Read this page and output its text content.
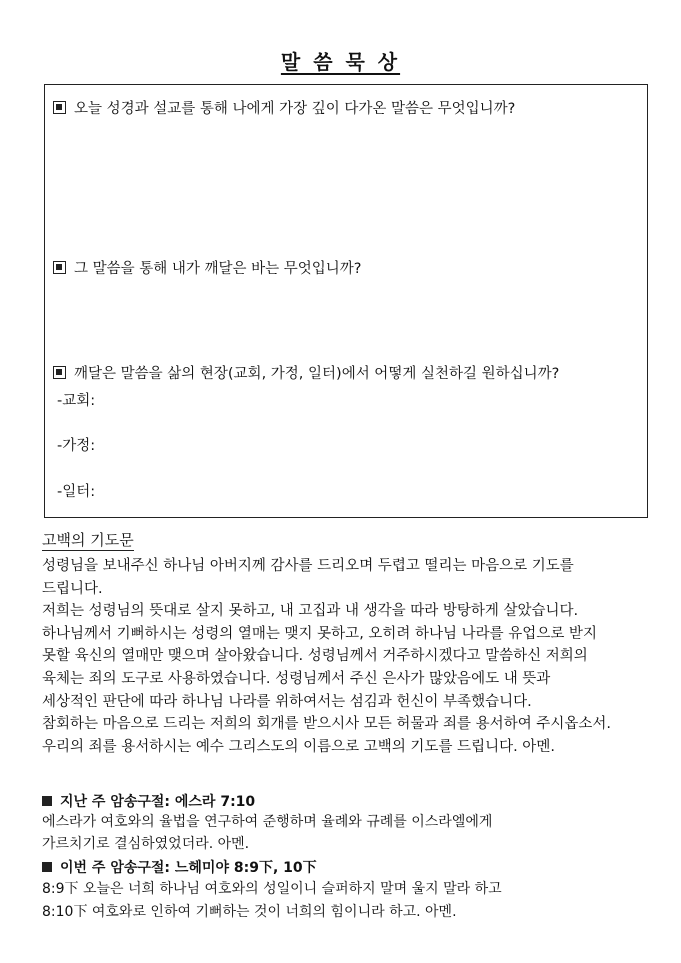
말 씀 묵 상
오늘 성경과 설교를 통해 나에게 가장 깊이 다가온 말씀은 무엇입니까?
그 말씀을 통해 내가 깨달은 바는 무엇입니까?
깨달은 말씀을 삶의 현장(교회, 가정, 일터)에서 어떻게 실천하길 원하십니까?
-교회:
-가정:
-일터:
고백의 기도문

성령님을 보내주신 하나님 아버지께 감사를 드리오며 두렵고 떨리는 마음으로 기도를

드립니다.

저희는 성령님의 뜻대로 살지 못하고, 내 고집과 내 생각을 따라 방탕하게 살았습니다.

하나님께서 기뻐하시는 성령의 열매는 맺지 못하고, 오히려 하나님 나라를 유업으로 받지

못할 육신의 열매만 맺으며 살아왔습니다. 성령님께서 거주하시겠다고 말씀하신 저희의

육체는 죄의 도구로 사용하였습니다. 성령님께서 주신 은사가 많았음에도 내 뜻과

세상적인 판단에 따라 하나님 나라를 위하여서는 섬김과 헌신이 부족했습니다.

참회하는 마음으로 드리는 저희의 회개를 받으시사 모든 허물과 죄를 용서하여 주시옵소서.

우리의 죄를 용서하시는 예수 그리스도의 이름으로 고백의 기도를 드립니다. 아멘.

지난 주 암송구절: 에스라 7:10
에스라가 여호와의 율법을 연구하여 준행하며 율례와 규례를 이스라엘에게
가르치기로 결심하였었더라. 아멘.
이번 주 암송구절: 느헤미야 8:9下, 10下
8:9下 오늘은 너희 하나님 여호와의 성일이니 슬퍼하지 말며 울지 말라 하고
8:10下 여호와로 인하여 기뻐하는 것이 너희의 힘이니라 하고. 아멘.
